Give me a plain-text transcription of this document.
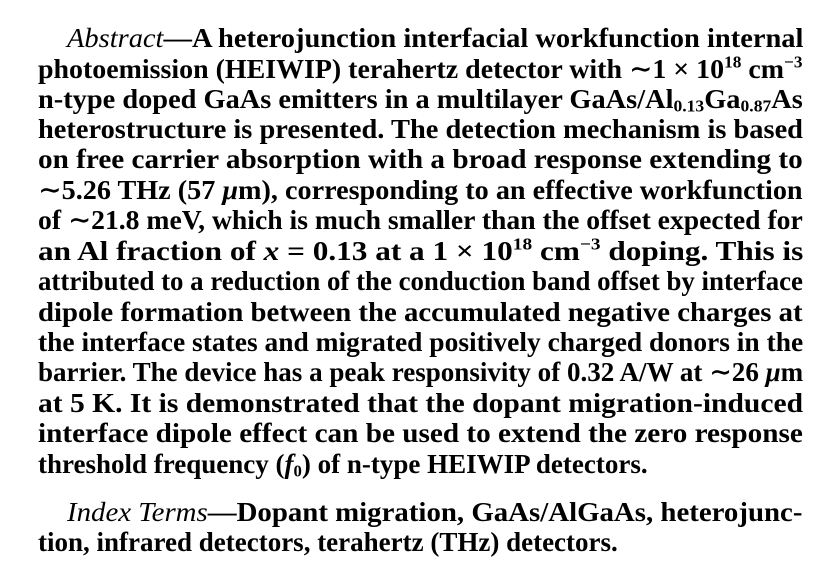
Abstract—A heterojunction interfacial workfunction internal
photoemission (HEIWIP) terahertz detector with ∼1 × $10^{18}$ $cm^{-3}$
n-type doped GaAs emitters in a multilayer GaAs/$Al_{0.13}Ga_{0.87}As$
heterostructure is presented. The detection mechanism is based
on free carrier absorption with a broad response extending to
∼5.26 THz (57 μm), corresponding to an effective workfunction
of ∼21.8 meV, which is much smaller than the offset expected for
an Al fraction of x = 0.13 at a $1 \times 10^{18}$ $cm^{-3}$ doping. This is
attributed to a reduction of the conduction band offset by interface
dipole formation between the accumulated negative charges at
the interface states and migrated positively charged donors in the
barrier. The device has a peak responsivity of 0.32 A/W at ∼26 μm
at 5 K. It is demonstrated that the dopant migration-induced
interface dipole effect can be used to extend the zero response
threshold frequency $(f_0)$ of n-type HEIWIP detectors.
Index Terms—Dopant migration, GaAs/AlGaAs, heterojunc-
tion, infrared detectors, terahertz (THz) detectors.
